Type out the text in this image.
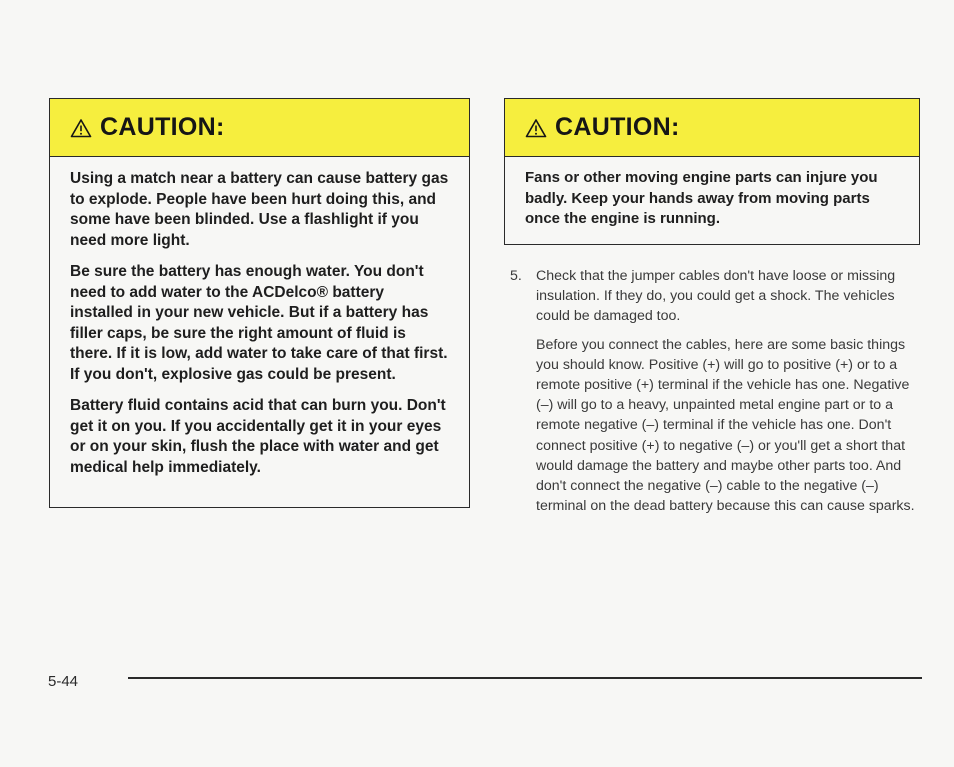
CAUTION:

Using a match near a battery can cause battery gas to explode. People have been hurt doing this, and some have been blinded. Use a flashlight if you need more light.

Be sure the battery has enough water. You don't need to add water to the ACDelco® battery installed in your new vehicle. But if a battery has filler caps, be sure the right amount of fluid is there. If it is low, add water to take care of that first. If you don't, explosive gas could be present.

Battery fluid contains acid that can burn you. Don't get it on you. If you accidentally get it in your eyes or on your skin, flush the place with water and get medical help immediately.

CAUTION:

Fans or other moving engine parts can injure you badly. Keep your hands away from moving parts once the engine is running.

5. Check that the jumper cables don't have loose or missing insulation. If they do, you could get a shock. The vehicles could be damaged too.

Before you connect the cables, here are some basic things you should know. Positive (+) will go to positive (+) or to a remote positive (+) terminal if the vehicle has one. Negative (–) will go to a heavy, unpainted metal engine part or to a remote negative (–) terminal if the vehicle has one. Don't connect positive (+) to negative (–) or you'll get a short that would damage the battery and maybe other parts too. And don't connect the negative (–) cable to the negative (–) terminal on the dead battery because this can cause sparks.

5-44
